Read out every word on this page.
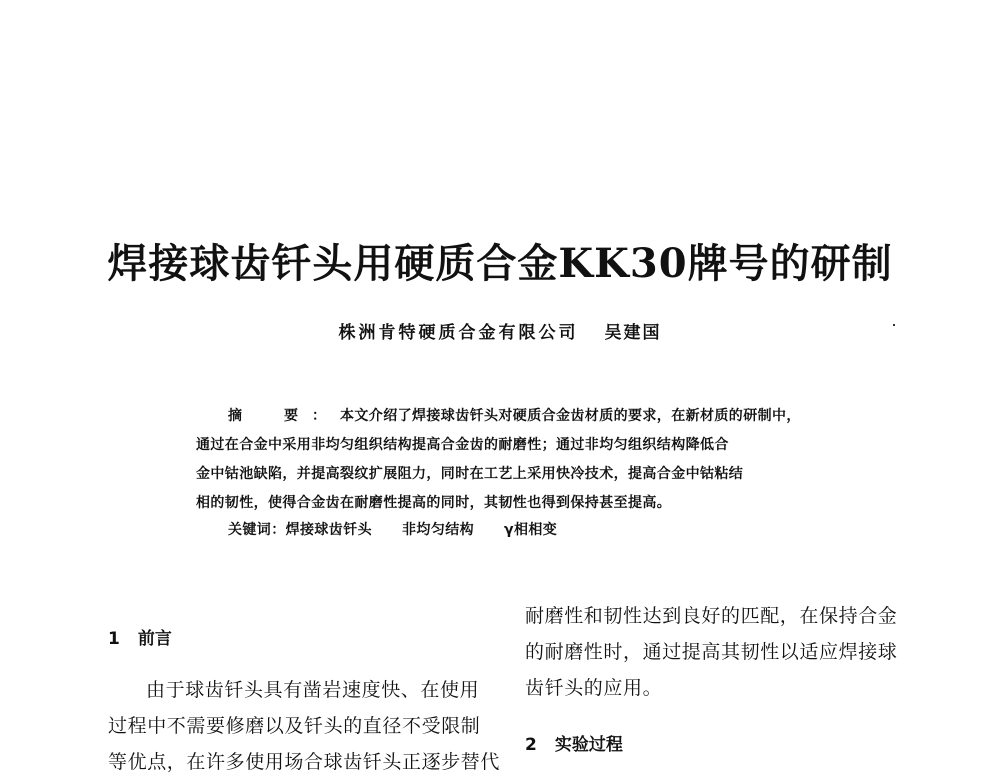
焊接球齿钎头用硬质合金KK30牌号的研制
株洲肯特硬质合金有限公司 吴建国
摘　要：本文介绍了焊接球齿钎头对硬质合金齿材质的要求，在新材质的研制中，
通过在合金中采用非均匀组织结构提高合金齿的耐磨性；通过非均匀组织结构降低合
金中钴池缺陷，并提高裂纹扩展阻力，同时在工艺上采用快冷技术，提高合金中钴粘结
相的韧性，使得合金齿在耐磨性提高的同时，其韧性也得到保持甚至提高。
关键词：焊接球齿钎头 非均匀结构 γ相相变
1 前言
由于球齿钎头具有凿岩速度快、在使用
过程中不需要修磨以及钎头的直径不受限制
等优点，在许多使用场合球齿钎头正逐步替代
耐磨性和韧性达到良好的匹配，在保持合金
的耐磨性时，通过提高其韧性以适应焊接球
齿钎头的应用。
2 实验过程
